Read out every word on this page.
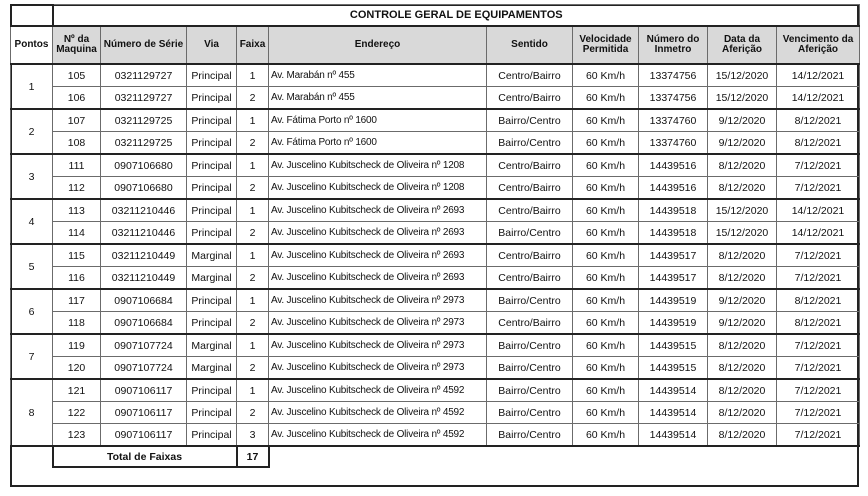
	CONTROLE GERAL DE EQUIPAMENTOS									
Pontos	Nº da Maquina	Número de Série	Via	Faixa	Endereço	Sentido	Velocidade Permitida	Número do Inmetro	Data da Aferição	Vencimento da Aferição
1	105	0321129727	Principal	1	Av. Marabán nº 455	Centro/Bairro	60 Km/h	13374756	15/12/2020	14/12/2021
	106	0321129727	Principal	2	Av. Marabán nº 455	Centro/Bairro	60 Km/h	13374756	15/12/2020	14/12/2021
2	107	0321129725	Principal	1	Av. Fátima Porto nº 1600	Bairro/Centro	60 Km/h	13374760	9/12/2020	8/12/2021
	108	0321129725	Principal	2	Av. Fátima Porto nº 1600	Bairro/Centro	60 Km/h	13374760	9/12/2020	8/12/2021
3	111	0907106680	Principal	1	Av. Juscelino Kubitscheck de Oliveira nº 1208	Centro/Bairro	60 Km/h	14439516	8/12/2020	7/12/2021
	112	0907106680	Principal	2	Av. Juscelino Kubitscheck de Oliveira nº 1208	Centro/Bairro	60 Km/h	14439516	8/12/2020	7/12/2021
4	113	03211210446	Principal	1	Av. Juscelino Kubitscheck de Oliveira nº 2693	Centro/Bairro	60 Km/h	14439518	15/12/2020	14/12/2021
	114	03211210446	Principal	2	Av. Juscelino Kubitscheck de Oliveira nº 2693	Bairro/Centro	60 Km/h	14439518	15/12/2020	14/12/2021
5	115	03211210449	Marginal	1	Av. Juscelino Kubitscheck de Oliveira nº 2693	Centro/Bairro	60 Km/h	14439517	8/12/2020	7/12/2021
	116	03211210449	Marginal	2	Av. Juscelino Kubitscheck de Oliveira nº 2693	Centro/Bairro	60 Km/h	14439517	8/12/2020	7/12/2021
6	117	0907106684	Principal	1	Av. Juscelino Kubitscheck de Oliveira nº 2973	Bairro/Centro	60 Km/h	14439519	9/12/2020	8/12/2021
	118	0907106684	Principal	2	Av. Juscelino Kubitscheck de Oliveira nº 2973	Centro/Bairro	60 Km/h	14439519	9/12/2020	8/12/2021
7	119	0907107724	Marginal	1	Av. Juscelino Kubitscheck de Oliveira nº 2973	Bairro/Centro	60 Km/h	14439515	8/12/2020	7/12/2021
	120	0907107724	Marginal	2	Av. Juscelino Kubitscheck de Oliveira nº 2973	Bairro/Centro	60 Km/h	14439515	8/12/2020	7/12/2021
8	121	0907106117	Principal	1	Av. Juscelino Kubitscheck de Oliveira nº 4592	Bairro/Centro	60 Km/h	14439514	8/12/2020	7/12/2021
	122	0907106117	Principal	2	Av. Juscelino Kubitscheck de Oliveira nº 4592	Bairro/Centro	60 Km/h	14439514	8/12/2020	7/12/2021
	123	0907106117	Principal	3	Av. Juscelino Kubitscheck de Oliveira nº 4592	Bairro/Centro	60 Km/h	14439514	8/12/2020	7/12/2021
	Total de Faixas			17						
